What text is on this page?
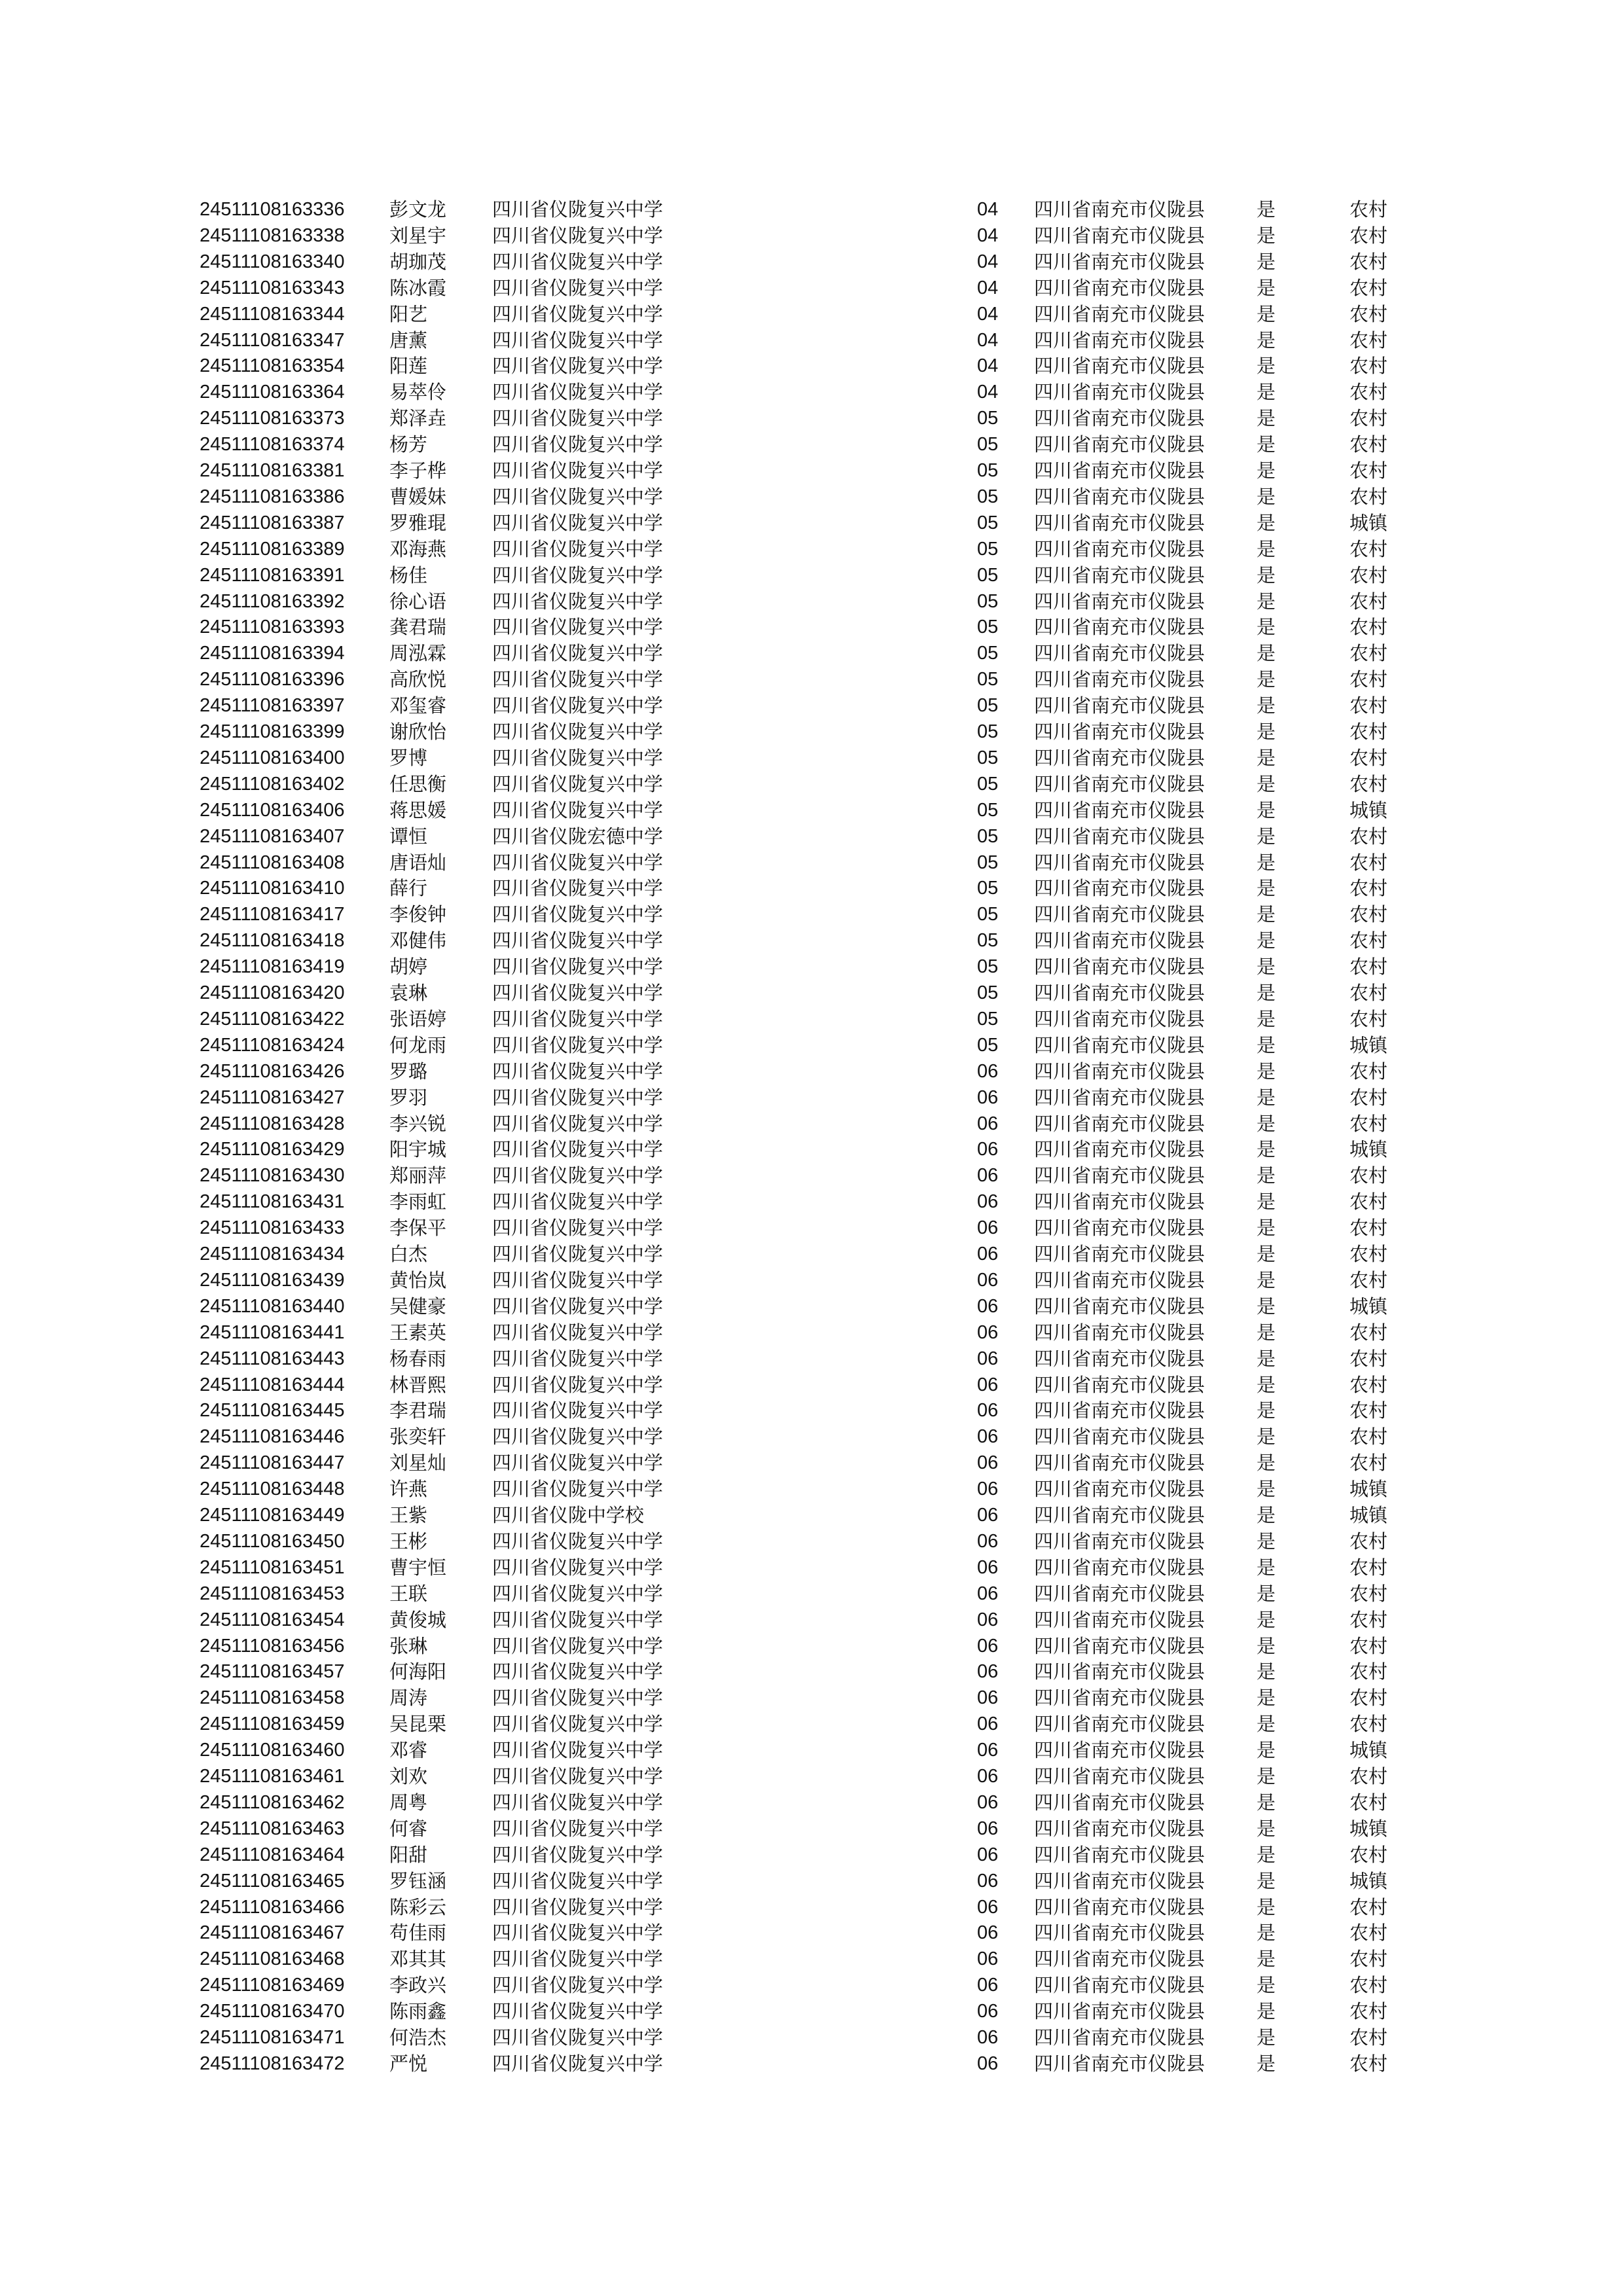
24511108163336 彭文龙 四川省仪陇复兴中学	04 四川省南充市仪陇县	是	农村
24511108163338 刘星宇 四川省仪陇复兴中学	04 四川省南充市仪陇县	是	农村
24511108163340 胡珈茂 四川省仪陇复兴中学	04 四川省南充市仪陇县	是	农村
24511108163343 陈冰霞 四川省仪陇复兴中学	04 四川省南充市仪陇县	是	农村
24511108163344 阳艺	四川省仪陇复兴中学	04 四川省南充市仪陇县	是	农村
24511108163347 唐薰	四川省仪陇复兴中学	04 四川省南充市仪陇县	是	农村
24511108163354 阳莲	四川省仪陇复兴中学	04 四川省南充市仪陇县	是	农村
24511108163364 易萃伶 四川省仪陇复兴中学	04 四川省南充市仪陇县	是	农村
24511108163373 郑泽垚 四川省仪陇复兴中学	05 四川省南充市仪陇县	是	农村
24511108163374 杨芳	四川省仪陇复兴中学	05 四川省南充市仪陇县	是	农村
24511108163381 李子桦 四川省仪陇复兴中学	05 四川省南充市仪陇县	是	农村
24511108163386 曹媛妹 四川省仪陇复兴中学	05 四川省南充市仪陇县	是	农村
24511108163387 罗雅琨 四川省仪陇复兴中学	05 四川省南充市仪陇县	是	城镇
24511108163389 邓海燕 四川省仪陇复兴中学	05 四川省南充市仪陇县	是	农村
24511108163391 杨佳	四川省仪陇复兴中学	05 四川省南充市仪陇县	是	农村
24511108163392 徐心语 四川省仪陇复兴中学	05 四川省南充市仪陇县	是	农村
24511108163393 龚君瑞 四川省仪陇复兴中学	05 四川省南充市仪陇县	是	农村
24511108163394 周泓霖 四川省仪陇复兴中学	05 四川省南充市仪陇县	是	农村
24511108163396 高欣悦 四川省仪陇复兴中学	05 四川省南充市仪陇县	是	农村
24511108163397 邓玺睿 四川省仪陇复兴中学	05 四川省南充市仪陇县	是	农村
24511108163399 谢欣怡 四川省仪陇复兴中学	05 四川省南充市仪陇县	是	农村
24511108163400 罗博	四川省仪陇复兴中学	05 四川省南充市仪陇县	是	农村
24511108163402 任思衡 四川省仪陇复兴中学	05 四川省南充市仪陇县	是	农村
24511108163406 蒋思媛 四川省仪陇复兴中学	05 四川省南充市仪陇县	是	城镇
24511108163407 谭恒	四川省仪陇宏德中学	05 四川省南充市仪陇县	是	农村
24511108163408 唐语灿 四川省仪陇复兴中学	05 四川省南充市仪陇县	是	农村
24511108163410 薛行	四川省仪陇复兴中学	05 四川省南充市仪陇县	是	农村
24511108163417 李俊钟 四川省仪陇复兴中学	05 四川省南充市仪陇县	是	农村
24511108163418 邓健伟 四川省仪陇复兴中学	05 四川省南充市仪陇县	是	农村
24511108163419 胡婷	四川省仪陇复兴中学	05 四川省南充市仪陇县	是	农村
24511108163420 袁琳	四川省仪陇复兴中学	05 四川省南充市仪陇县	是	农村
24511108163422 张语婷 四川省仪陇复兴中学	05 四川省南充市仪陇县	是	农村
24511108163424 何龙雨 四川省仪陇复兴中学	05 四川省南充市仪陇县	是	城镇
24511108163426 罗璐	四川省仪陇复兴中学	06 四川省南充市仪陇县	是	农村
24511108163427 罗羽	四川省仪陇复兴中学	06 四川省南充市仪陇县	是	农村
24511108163428 李兴锐 四川省仪陇复兴中学	06 四川省南充市仪陇县	是	农村
24511108163429 阳宇城 四川省仪陇复兴中学	06 四川省南充市仪陇县	是	城镇
24511108163430 郑丽萍 四川省仪陇复兴中学	06 四川省南充市仪陇县	是	农村
24511108163431 李雨虹 四川省仪陇复兴中学	06 四川省南充市仪陇县	是	农村
24511108163433 李保平 四川省仪陇复兴中学	06 四川省南充市仪陇县	是	农村
24511108163434 白杰	四川省仪陇复兴中学	06 四川省南充市仪陇县	是	农村
24511108163439 黄怡岚 四川省仪陇复兴中学	06 四川省南充市仪陇县	是	农村
24511108163440 吴健豪 四川省仪陇复兴中学	06 四川省南充市仪陇县	是	城镇
24511108163441 王素英 四川省仪陇复兴中学	06 四川省南充市仪陇县	是	农村
24511108163443 杨春雨 四川省仪陇复兴中学	06 四川省南充市仪陇县	是	农村
24511108163444 林晋熙 四川省仪陇复兴中学	06 四川省南充市仪陇县	是	农村
24511108163445 李君瑞 四川省仪陇复兴中学	06 四川省南充市仪陇县	是	农村
24511108163446 张奕轩 四川省仪陇复兴中学	06 四川省南充市仪陇县	是	农村
24511108163447 刘星灿 四川省仪陇复兴中学	06 四川省南充市仪陇县	是	农村
24511108163448 许燕	四川省仪陇复兴中学	06 四川省南充市仪陇县	是	城镇
24511108163449 王紫	四川省仪陇中学校	06 四川省南充市仪陇县	是	城镇
24511108163450 王彬	四川省仪陇复兴中学	06 四川省南充市仪陇县	是	农村
24511108163451 曹宇恒 四川省仪陇复兴中学	06 四川省南充市仪陇县	是	农村
24511108163453 王联	四川省仪陇复兴中学	06 四川省南充市仪陇县	是	农村
24511108163454 黄俊城 四川省仪陇复兴中学	06 四川省南充市仪陇县	是	农村
24511108163456 张琳	四川省仪陇复兴中学	06 四川省南充市仪陇县	是	农村
24511108163457 何海阳 四川省仪陇复兴中学	06 四川省南充市仪陇县	是	农村
24511108163458 周涛	四川省仪陇复兴中学	06 四川省南充市仪陇县	是	农村
24511108163459 吴昆栗 四川省仪陇复兴中学	06 四川省南充市仪陇县	是	农村
24511108163460 邓睿	四川省仪陇复兴中学	06 四川省南充市仪陇县	是	城镇
24511108163461 刘欢	四川省仪陇复兴中学	06 四川省南充市仪陇县	是	农村
24511108163462 周粤	四川省仪陇复兴中学	06 四川省南充市仪陇县	是	农村
24511108163463 何睿	四川省仪陇复兴中学	06 四川省南充市仪陇县	是	城镇
24511108163464 阳甜	四川省仪陇复兴中学	06 四川省南充市仪陇县	是	农村
24511108163465 罗钰涵 四川省仪陇复兴中学	06 四川省南充市仪陇县	是	城镇
24511108163466 陈彩云 四川省仪陇复兴中学	06 四川省南充市仪陇县	是	农村
24511108163467 苟佳雨 四川省仪陇复兴中学	06 四川省南充市仪陇县	是	农村
24511108163468 邓其其 四川省仪陇复兴中学	06 四川省南充市仪陇县	是	农村
24511108163469 李政兴 四川省仪陇复兴中学	06 四川省南充市仪陇县	是	农村
24511108163470 陈雨鑫 四川省仪陇复兴中学	06 四川省南充市仪陇县	是	农村
24511108163471 何浩杰 四川省仪陇复兴中学	06 四川省南充市仪陇县	是	农村
24511108163472 严悦	四川省仪陇复兴中学	06 四川省南充市仪陇县	是	农村
